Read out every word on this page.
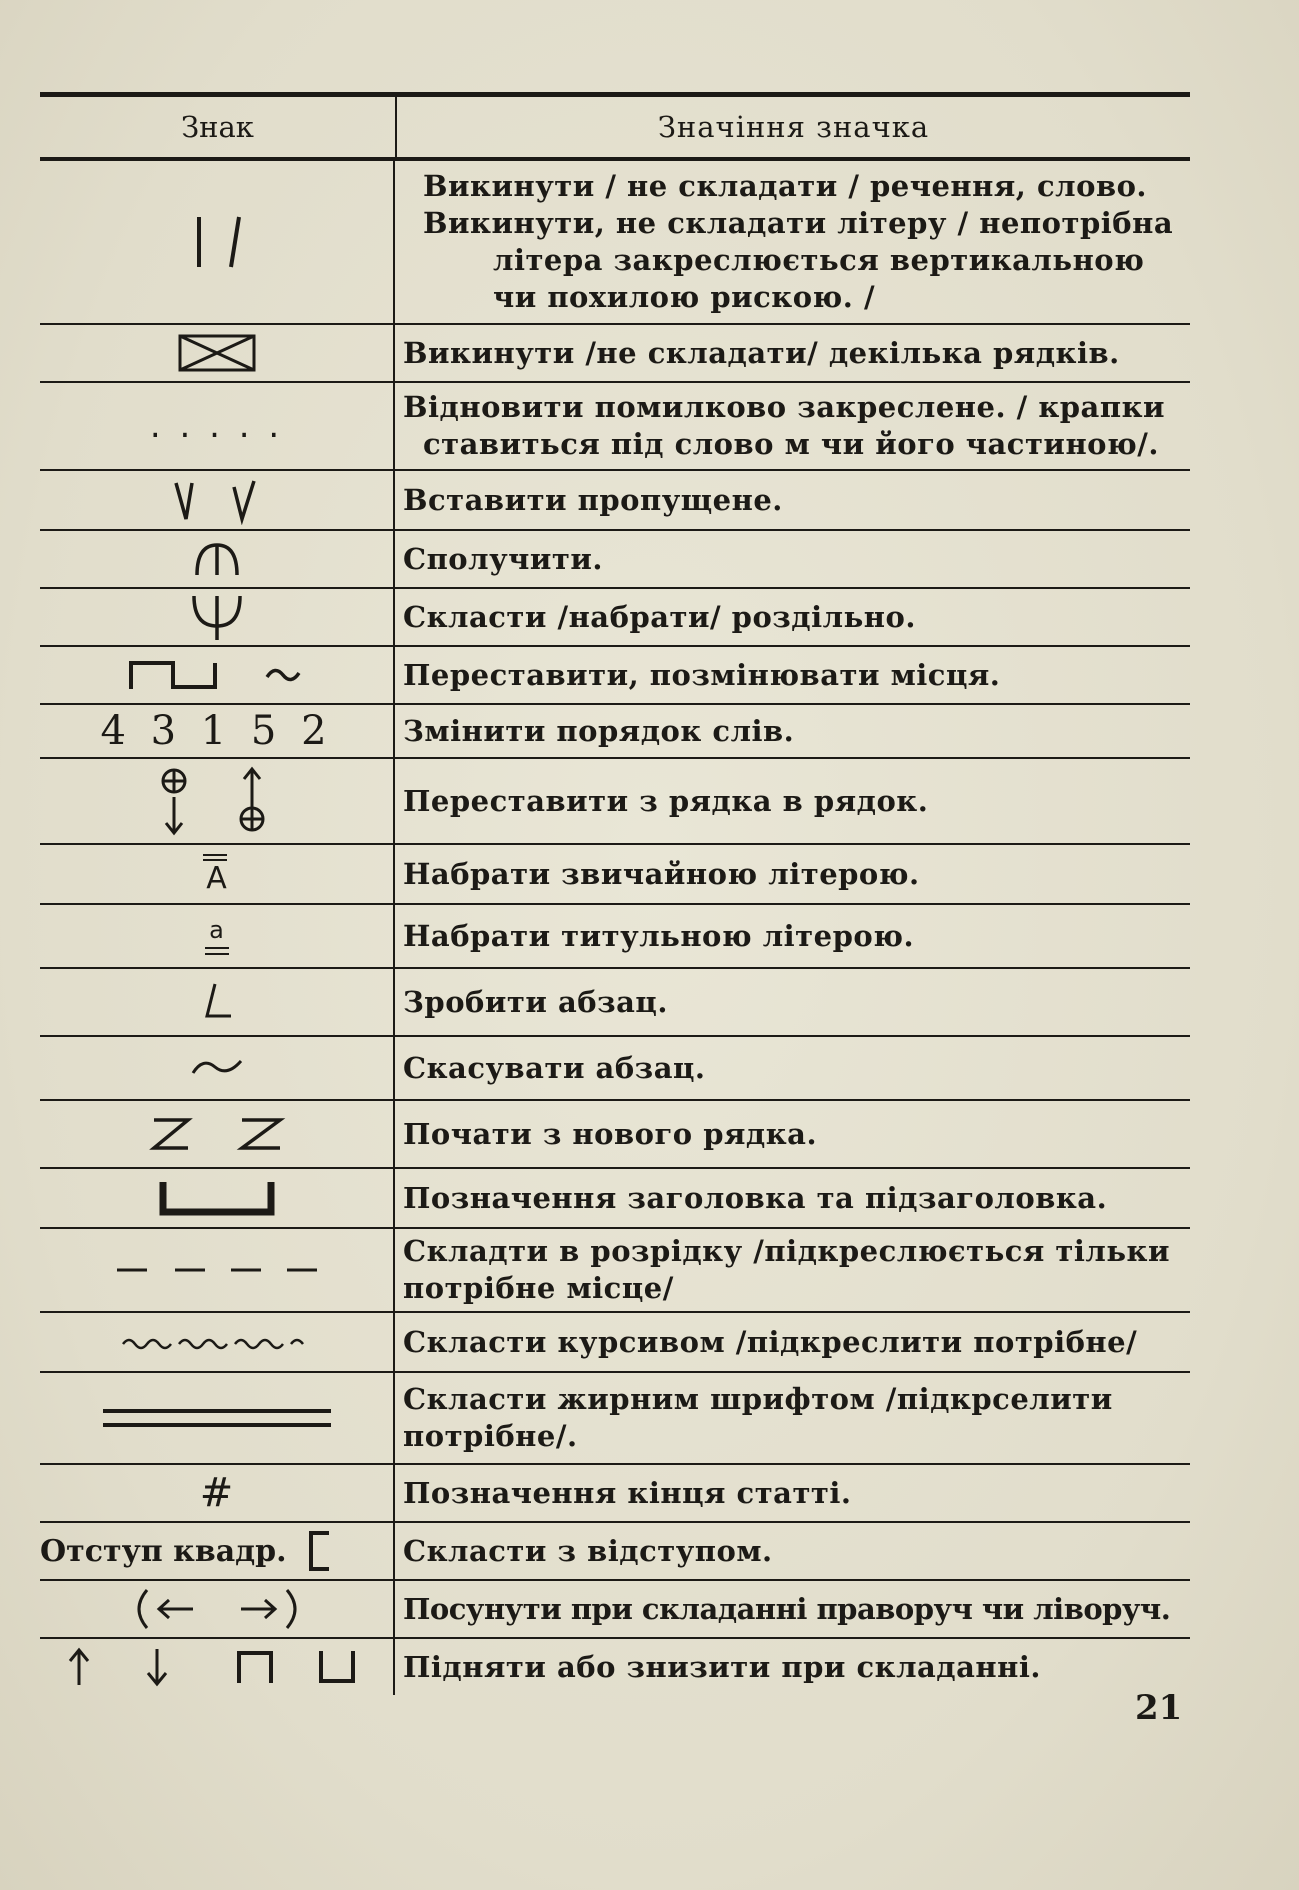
Знак	Значіння значка
Викинути / не складати / речення, слово.
Викинути, не складати літеру / непотрібна
літера закреслюється вертикальною
чи похилою рискою. /
Викинути /не складати/ декілька рядків.
. . . . .	Відновити помилково закреслене. / крапки
ставиться під слово м чи його частиною/.
Вставити пропущене.
Сполучити.
Скласти /набрати/ роздільно.
Переставити, позмінювати місця.
4 3 1 5 2	Змінити порядок слів.
Переставити з рядка в рядок.
A	Набрати звичайною літерою.
a	Набрати титульною літерою.
Зробити абзац.
Скасувати абзац.
Почати з нового рядка.
Позначення заголовка та підзаголовка.
Складти в розрідку /підкреслюється тільки
потрібне місце/
Скласти курсивом /підкреслити потрібне/
Скласти жирним шрифтом /підкрселити
потрібне/.
#	Позначення кінця статті.
Отступ квадр.	Скласти з відступом.
Посунути при складанні праворуч чи ліворуч.
Підняти або знизити при складанні.
21
